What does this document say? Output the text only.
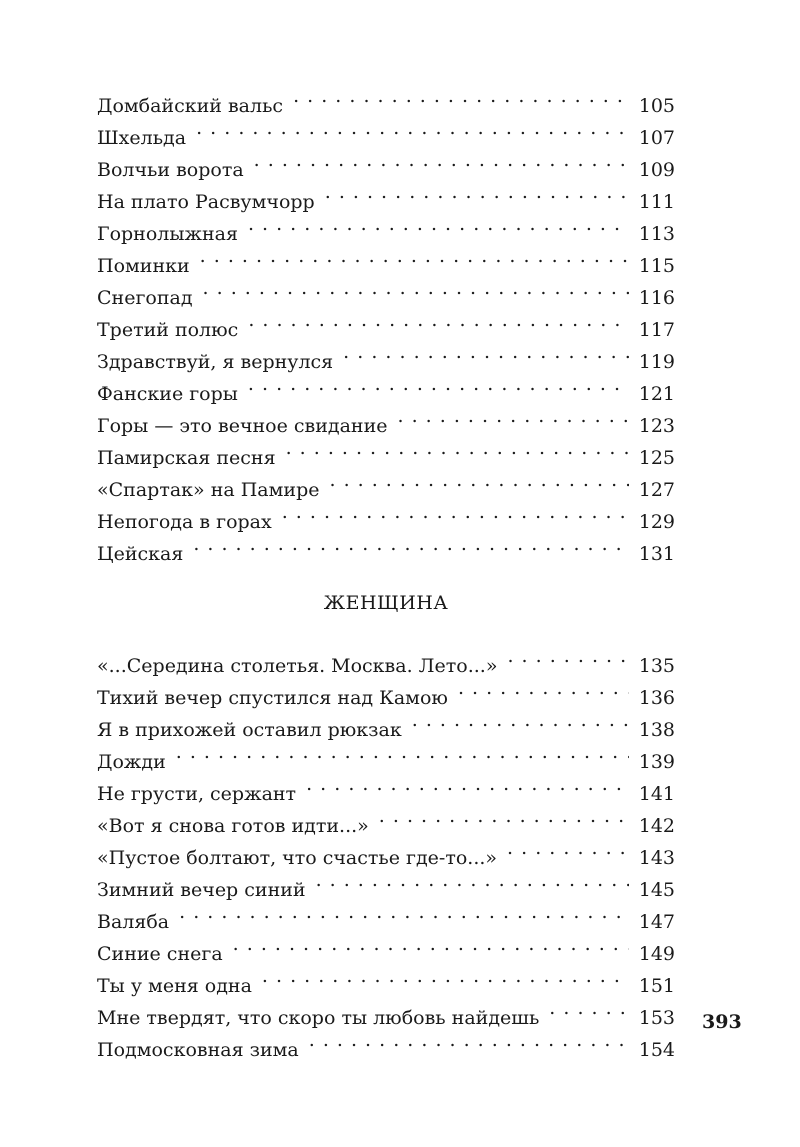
Домбайский вальс . . .	105
Шхельда . . .	107
Волчьи ворота . . .	109
На плато Расвумчорр . . .	111
Горнолыжная . . .	113
Поминки . . .	115
Снегопад . . .	116
Третий полюс . . .	117
Здравствуй, я вернулся . . .	119
Фанские горы . . .	121
Горы — это вечное свидание . . .	123
Памирская песня . . .	125
«Спартак» на Памире . . .	127
Непогода в горах . . .	129
Цейская . . .	131
ЖЕНЩИНА
«...Середина столетья. Москва. Лето...» . . .	135
Тихий вечер спустился над Камою . . .	136
Я в прихожей оставил рюкзак . . .	138
Дожди . . .	139
Не грусти, сержант . . .	141
«Вот я снова готов идти...» . . .	142
«Пустое болтают, что счастье где-то...» . . .	143
Зимний вечер синий . . .	145
Валяба . . .	147
Синие снега . . .	149
Ты у меня одна . . .	151
Мне твердят, что скоро ты любовь найдешь . . .	153
Подмосковная зима . . .	154
393
